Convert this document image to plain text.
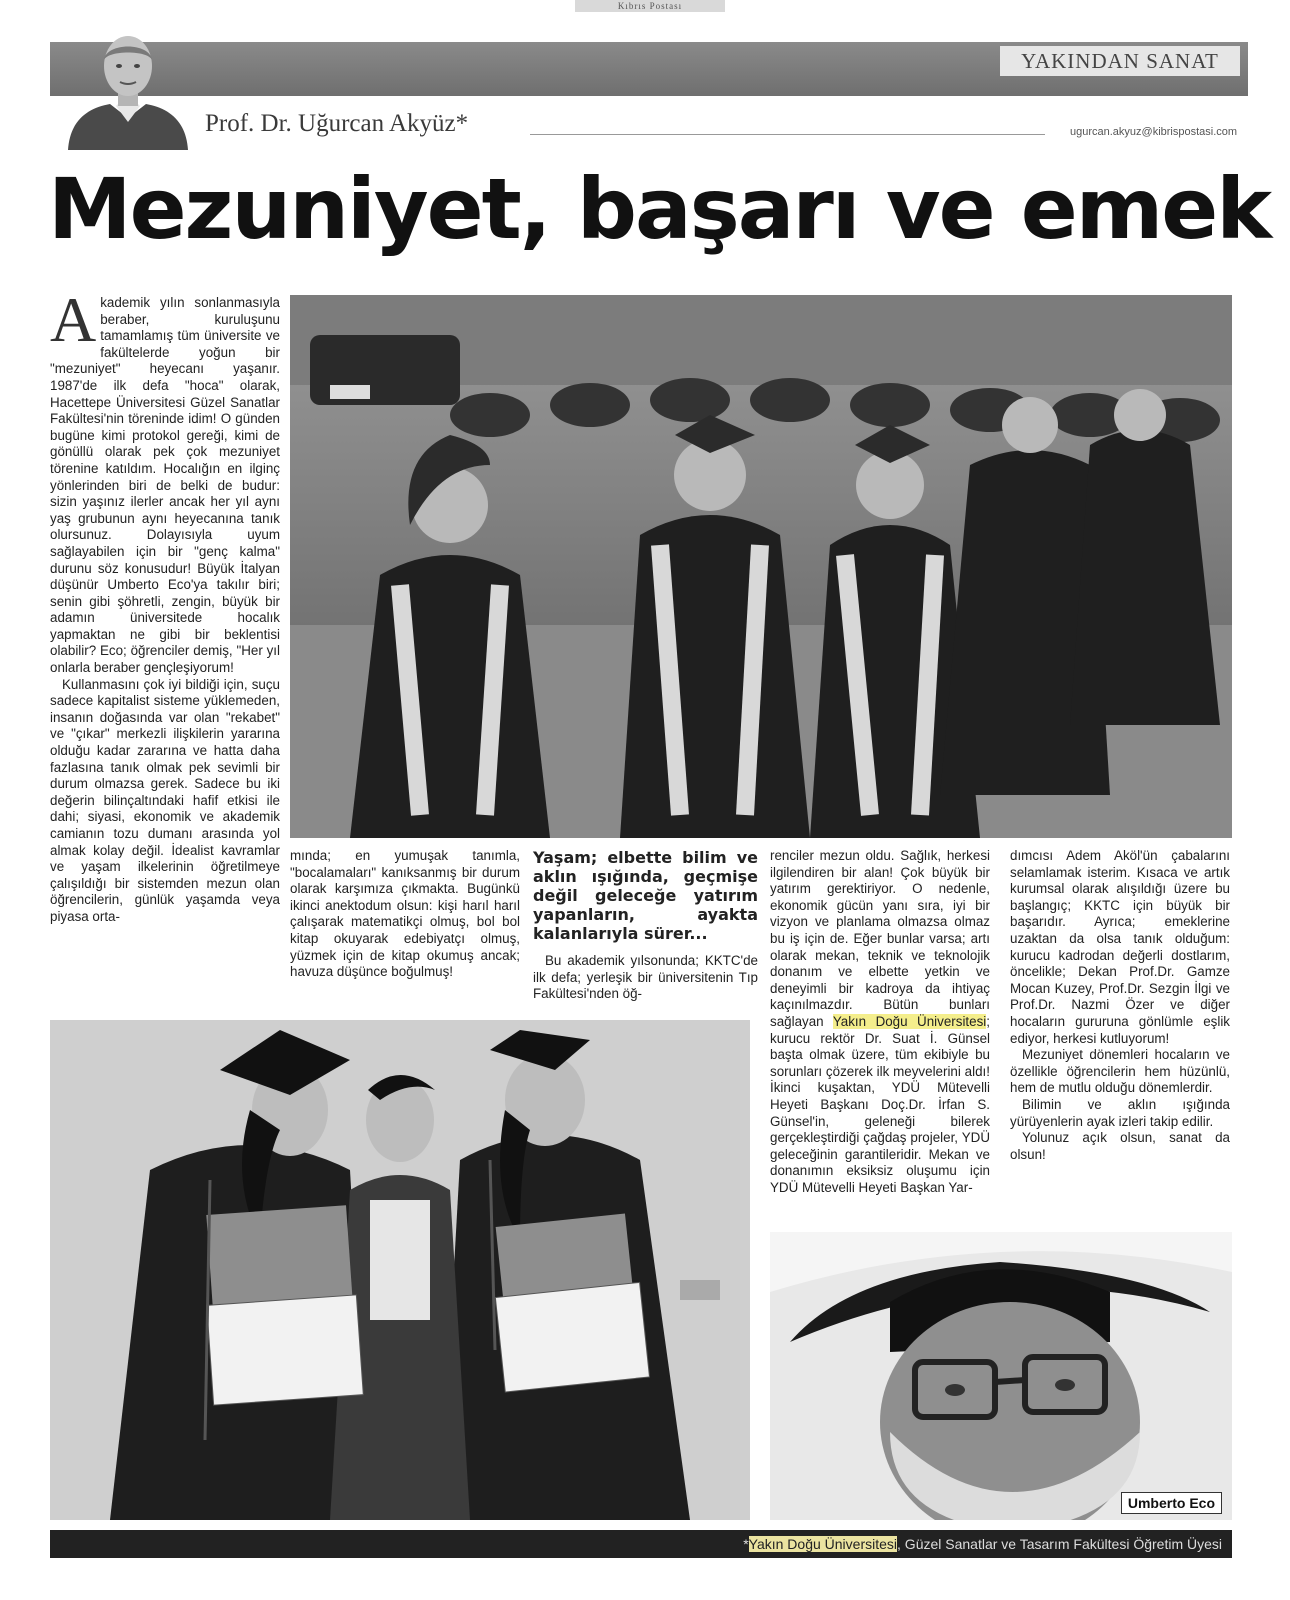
Kıbrıs Postası
YAKINDAN SANAT
Prof. Dr. Uğurcan Akyüz*	ugurcan.akyuz@kibrispostasi.com
Mezuniyet, başarı ve emek

Akademik yılın sonlanmasıyla beraber, kuruluşunu tamamlamış tüm üniversite ve fakültelerde yoğun bir "mezuniyet" heyecanı yaşanır. 1987'de ilk defa "hoca" olarak, Hacettepe Üniversitesi Güzel Sanatlar Fakültesi'nin töreninde idim! O günden bugüne kimi protokol gereği, kimi de gönüllü olarak pek çok mezuniyet törenine katıldım. Hocalığın en ilginç yönlerinden biri de belki de budur: sizin yaşınız ilerler ancak her yıl aynı yaş grubunun aynı heyecanına tanık olursunuz. Dolayısıyla uyum sağlayabilen için bir "genç kalma" durunu söz konusudur! Büyük İtalyan düşünür Umberto Eco'ya takılır biri; senin gibi şöhretli, zengin, büyük bir adamın üniversitede hocalık yapmaktan ne gibi bir beklentisi olabilir? Eco; öğrenciler demiş, "Her yıl onlarla beraber gençleşiyorum!

Kullanmasını çok iyi bildiği için, suçu sadece kapitalist sisteme yüklemeden, insanın doğasında var olan "rekabet" ve "çıkar" merkezli ilişkilerin yararına olduğu kadar zararına ve hatta daha fazlasına tanık olmak pek sevimli bir durum olmazsa gerek. Sadece bu iki değerin bilinçaltındaki hafif etkisi ile dahi; siyasi, ekonomik ve akademik camianın tozu dumanı arasında yol almak kolay değil. İdealist kavramlar ve yaşam ilkelerinin öğretilmeye çalışıldığı bir sistemden mezun olan öğrencilerin, günlük yaşamda veya piyasa orta-

mında; en yumuşak tanımla, "bocalamaları" kanıksanmış bir durum olarak karşımıza çıkmakta. Bugünkü ikinci anektodum olsun: kişi harıl harıl çalışarak matematikçi olmuş, bol bol kitap okuyarak edebiyatçı olmuş, yüzmek için de kitap okumuş ancak; havuza düşünce boğulmuş!

Yaşam; elbette bilim ve aklın ışığında, geçmişe değil geleceğe yatırım yapanların, ayakta kalanlarıyla sürer...

Bu akademik yılsonunda; KKTC'de ilk defa; yerleşik bir üniversitenin Tıp Fakültesi'nden öğ-

renciler mezun oldu. Sağlık, herkesi ilgilendiren bir alan! Çok büyük bir yatırım gerektiriyor. O nedenle, ekonomik gücün yanı sıra, iyi bir vizyon ve planlama olmazsa olmaz bu iş için de. Eğer bunlar varsa; artı olarak mekan, teknik ve teknolojik donanım ve elbette yetkin ve deneyimli bir kadroya da ihtiyaç kaçınılmazdır. Bütün bunları sağlayan Yakın Doğu Üniversitesi; kurucu rektör Dr. Suat İ. Günsel başta olmak üzere, tüm ekibiyle bu sorunları çözerek ilk meyvelerini aldı! İkinci kuşaktan, YDÜ Mütevelli Heyeti Başkanı Doç.Dr. İrfan S. Günsel'in, geleneği bilerek gerçekleştirdiği çağdaş projeler, YDÜ geleceğinin garantileridir. Mekan ve donanımın eksiksiz oluşumu için YDÜ Mütevelli Heyeti Başkan Yar-

dımcısı Adem Aköl'ün çabalarını selamlamak isterim. Kısaca ve artık kurumsal olarak alışıldığı üzere bu başlangıç; KKTC için büyük bir başarıdır. Ayrıca; emeklerine uzaktan da olsa tanık olduğum: kurucu kadrodan değerli dostlarım, öncelikle; Dekan Prof.Dr. Gamze Mocan Kuzey, Prof.Dr. Sezgin İlgi ve Prof.Dr. Nazmi Özer ve diğer hocaların gururuna gönlümle eşlik ediyor, herkesi kutluyorum!

Mezuniyet dönemleri hocaların ve özellikle öğrencilerin hem hüzünlü, hem de mutlu olduğu dönemlerdir.

Bilimin ve aklın ışığında yürüyenlerin ayak izleri takip edilir.

Yolunuz açık olsun, sanat da olsun!

Umberto Eco
*Yakın Doğu Üniversitesi, Güzel Sanatlar ve Tasarım Fakültesi Öğretim Üyesi
